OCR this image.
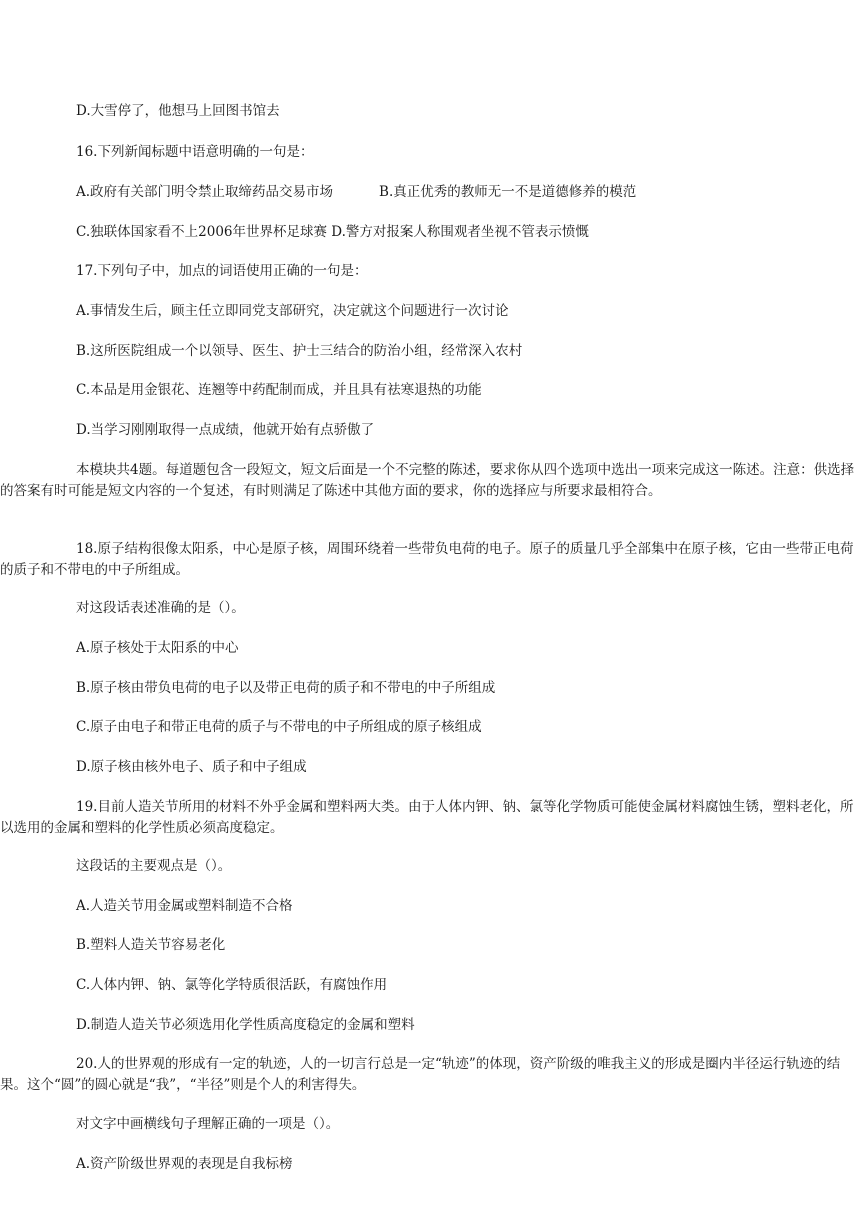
D.大雪停了，他想马上回图书馆去

16.下列新闻标题中语意明确的一句是：

A.政府有关部门明令禁止取缔药品交易市场	B.真正优秀的教师无一不是道德修养的模范

C.独联体国家看不上2006年世界杯足球赛 D.警方对报案人称围观者坐视不管表示愤慨

17.下列句子中，加点的词语使用正确的一句是：

A.事情发生后，顾主任立即同党支部研究，决定就这个问题进行一次讨论

B.这所医院组成一个以领导、医生、护士三结合的防治小组，经常深入农村

C.本品是用金银花、连翘等中药配制而成，并且具有祛寒退热的功能

D.当学习刚刚取得一点成绩，他就开始有点骄傲了

本模块共4题。每道题包含一段短文，短文后面是一个不完整的陈述，要求你从四个选项中选出一项来完成这一陈述。注意：供选择的答案有时可能是短文内容的一个复述，有时则满足了陈述中其他方面的要求，你的选择应与所要求最相符合。

18.原子结构很像太阳系，中心是原子核，周围环绕着一些带负电荷的电子。原子的质量几乎全部集中在原子核，它由一些带正电荷的质子和不带电的中子所组成。

对这段话表述准确的是（）。

A.原子核处于太阳系的中心

B.原子核由带负电荷的电子以及带正电荷的质子和不带电的中子所组成

C.原子由电子和带正电荷的质子与不带电的中子所组成的原子核组成

D.原子核由核外电子、质子和中子组成

19.目前人造关节所用的材料不外乎金属和塑料两大类。由于人体内钾、钠、氯等化学物质可能使金属材料腐蚀生锈，塑料老化，所以选用的金属和塑料的化学性质必须高度稳定。

这段话的主要观点是（）。

A.人造关节用金属或塑料制造不合格

B.塑料人造关节容易老化

C.人体内钾、钠、氯等化学特质很活跃，有腐蚀作用

D.制造人造关节必须选用化学性质高度稳定的金属和塑料

20.人的世界观的形成有一定的轨迹，人的一切言行总是一定“轨迹”的体现，资产阶级的唯我主义的形成是圈内半径运行轨迹的结果。这个“圆”的圆心就是“我”，“半径”则是个人的利害得失。

对文字中画横线句子理解正确的一项是（）。

A.资产阶级世界观的表现是自我标榜
